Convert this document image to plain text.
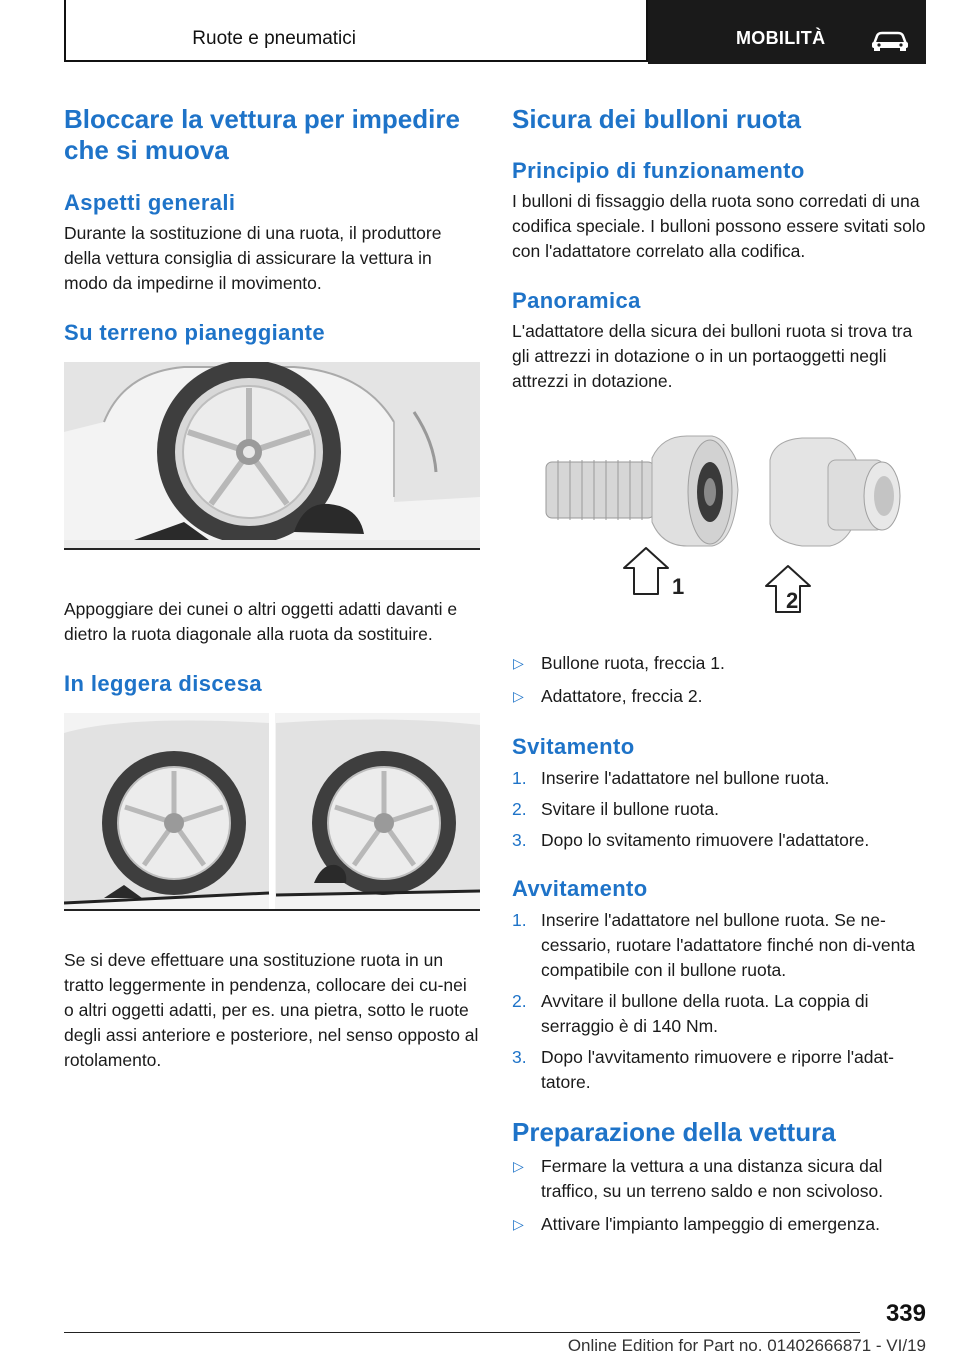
Ruote e pneumatici	MOBILITÀ
Bloccare la vettura per impedire che si muova
Aspetti generali

Durante la sostituzione di una ruota, il produttore della vettura consiglia di assicurare la vettura in modo da impedirne il movimento.

Su terreno pianeggiante

Appoggiare dei cunei o altri oggetti adatti davanti e dietro la ruota diagonale alla ruota da sostituire.

In leggera discesa

Se si deve effettuare una sostituzione ruota in un tratto leggermente in pendenza, collocare dei cu‐nei o altri oggetti adatti, per es. una pietra, sotto le ruote degli assi anteriore e posteriore, nel senso opposto al rotolamento.

Sicura dei bulloni ruota
Principio di funzionamento

I bulloni di fissaggio della ruota sono corredati di una codifica speciale. I bulloni possono essere svitati solo con l'adattatore correlato alla codifica.

Panoramica

L'adattatore della sicura dei bulloni ruota si trova tra gli attrezzi in dotazione o in un portaoggetti negli attrezzi in dotazione.

1
2
▷ Bullone ruota, freccia 1.
▷ Adattatore, freccia 2.
Svitamento
1. Inserire l'adattatore nel bullone ruota.
2. Svitare il bullone ruota.
3. Dopo lo svitamento rimuovere l'adattatore.
Avvitamento
1. Inserire l'adattatore nel bullone ruota. Se ne‐cessario, ruotare l'adattatore finché non di‐venta compatibile con il bullone ruota.
2. Avvitare il bullone della ruota. La coppia di serraggio è di 140 Nm.
3. Dopo l'avvitamento rimuovere e riporre l'adat‐tatore.
Preparazione della vettura
▷ Fermare la vettura a una distanza sicura dal traffico, su un terreno saldo e non scivoloso.
▷ Attivare l'impianto lampeggio di emergenza.
339
Online Edition for Part no. 01402666871 - VI/19
